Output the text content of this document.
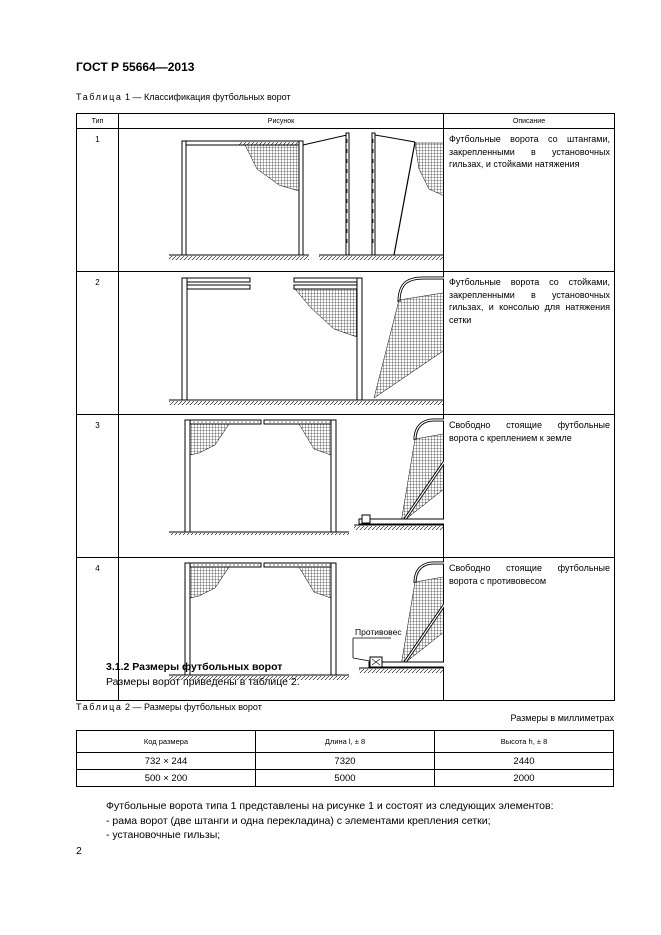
ГОСТ Р 55664—2013
Таблица 1 — Классификация футбольных ворот
Тип	Рисунок	Описание
1		Футбольные ворота со штангами, закрепленными в установочных гильзах, и стойками натяжения
2		Футбольные ворота со стойками, закрепленными в установочных гильзах, и консолью для натяжения сетки
3		Свободно стоящие футбольные ворота с креплением к земле
4	Противовес	Свободно стоящие футбольные ворота с противовесом
3.1.2 Размеры футбольных ворот
Размеры ворот приведены в таблице 2.
Таблица 2 — Размеры футбольных ворот
Размеры в миллиметрах
Код размера	Длина l, ± 8	Высота h, ± 8
732 × 244	7320	2440
500 × 200	5000	2000
Футбольные ворота типа 1 представлены на рисунке 1 и состоят из следующих элементов:
- рама ворот (две штанги и одна перекладина) с элементами крепления сетки;
- установочные гильзы;
2
